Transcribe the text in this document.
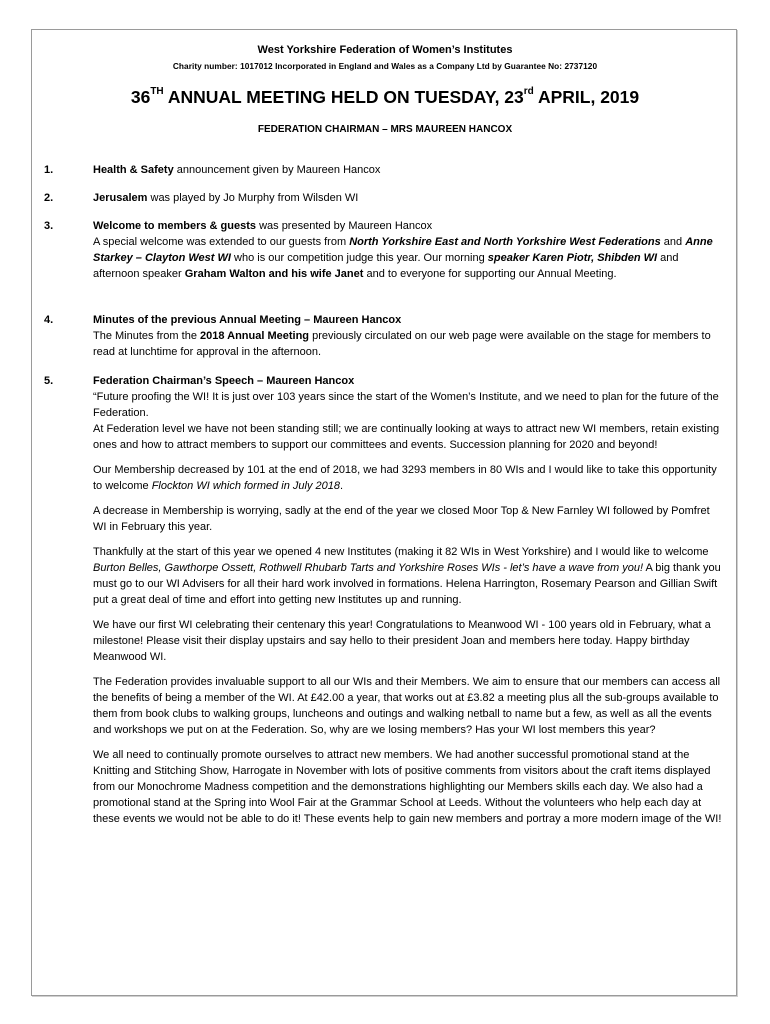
West Yorkshire Federation of Women’s Institutes
Charity number: 1017012 Incorporated in England and Wales as a Company Ltd by Guarantee No: 2737120
36TH ANNUAL MEETING HELD ON TUESDAY, 23rd APRIL, 2019
FEDERATION CHAIRMAN – MRS MAUREEN HANCOX
1.	Health & Safety announcement given by Maureen Hancox

2.	Jerusalem was played by Jo Murphy from Wilsden WI

3.	Welcome to members & guests was presented by Maureen Hancox

A special welcome was extended to our guests from North Yorkshire East and North Yorkshire West Federations and Anne Starkey – Clayton West WI who is our competition judge this year. Our morning speaker Karen Piotr, Shibden WI and afternoon speaker Graham Walton and his wife Janet and to everyone for supporting our Annual Meeting.

4.	Minutes of the previous Annual Meeting – Maureen Hancox

The Minutes from the 2018 Annual Meeting previously circulated on our web page were available on the stage for members to read at lunchtime for approval in the afternoon.

5.	Federation Chairman’s Speech – Maureen Hancox

“Future proofing the WI! It is just over 103 years since the start of the Women’s Institute, and we need to plan for the future of the Federation.

At Federation level we have not been standing still; we are continually looking at ways to attract new WI members, retain existing ones and how to attract members to support our committees and events. Succession planning for 2020 and beyond!

Our Membership decreased by 101 at the end of 2018, we had 3293 members in 80 WIs and I would like to take this opportunity to welcome Flockton WI which formed in July 2018.

A decrease in Membership is worrying, sadly at the end of the year we closed Moor Top & New Farnley WI followed by Pomfret WI in February this year.

Thankfully at the start of this year we opened 4 new Institutes (making it 82 WIs in West Yorkshire) and I would like to welcome Burton Belles, Gawthorpe Ossett, Rothwell Rhubarb Tarts and Yorkshire Roses WIs - let’s have a wave from you! A big thank you must go to our WI Advisers for all their hard work involved in formations. Helena Harrington, Rosemary Pearson and Gillian Swift put a great deal of time and effort into getting new Institutes up and running.

We have our first WI celebrating their centenary this year! Congratulations to Meanwood WI - 100 years old in February, what a milestone! Please visit their display upstairs and say hello to their president Joan and members here today. Happy birthday Meanwood WI.

The Federation provides invaluable support to all our WIs and their Members. We aim to ensure that our members can access all the benefits of being a member of the WI. At £42.00 a year, that works out at £3.82 a meeting plus all the sub-groups available to them from book clubs to walking groups, luncheons and outings and walking netball to name but a few, as well as all the events and workshops we put on at the Federation. So, why are we losing members? Has your WI lost members this year?

We all need to continually promote ourselves to attract new members. We had another successful promotional stand at the Knitting and Stitching Show, Harrogate in November with lots of positive comments from visitors about the craft items displayed from our Monochrome Madness competition and the demonstrations highlighting our Members skills each day. We also had a promotional stand at the Spring into Wool Fair at the Grammar School at Leeds. Without the volunteers who help each day at these events we would not be able to do it! These events help to gain new members and portray a more modern image of the WI!
